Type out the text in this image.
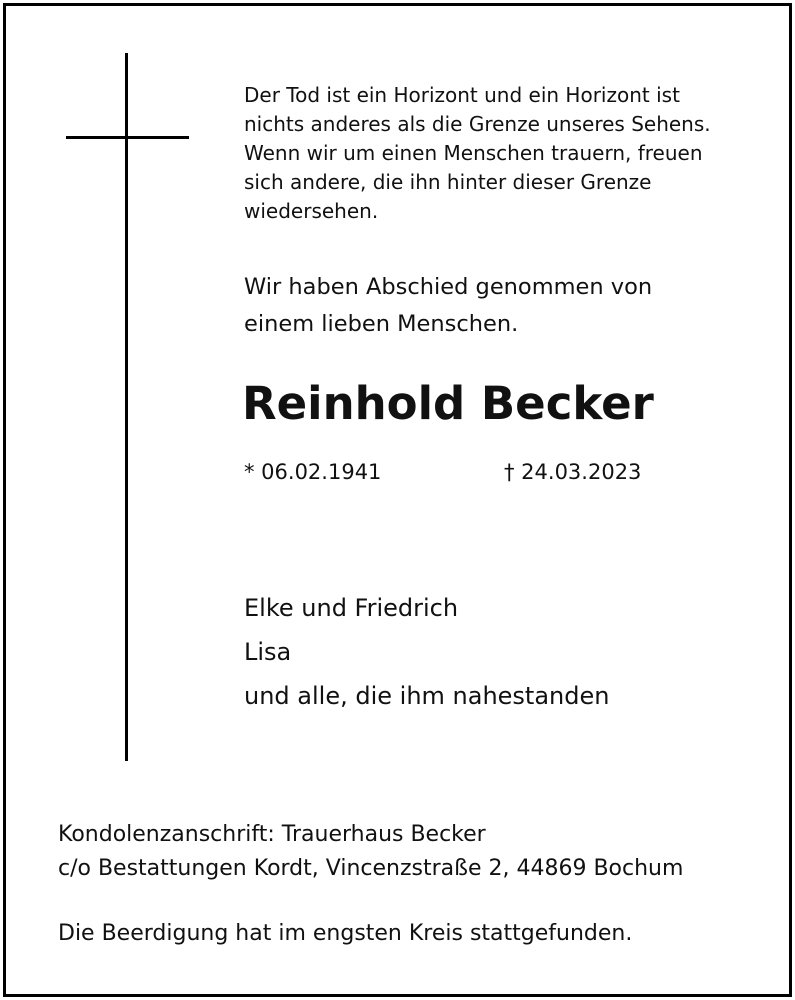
Der Tod ist ein Horizont und ein Horizont ist
nichts anderes als die Grenze unseres Sehens.
Wenn wir um einen Menschen trauern, freuen
sich andere, die ihn hinter dieser Grenze
wiedersehen.

Wir haben Abschied genommen von
einem lieben Menschen.

Reinhold Becker
* 06.02.1941	† 24.03.2023

Elke und Friedrich
Lisa
und alle, die ihm nahestanden

Kondolenzanschrift: Trauerhaus Becker
c/o Bestattungen Kordt, Vincenzstraße 2, 44869 Bochum

Die Beerdigung hat im engsten Kreis stattgefunden.
